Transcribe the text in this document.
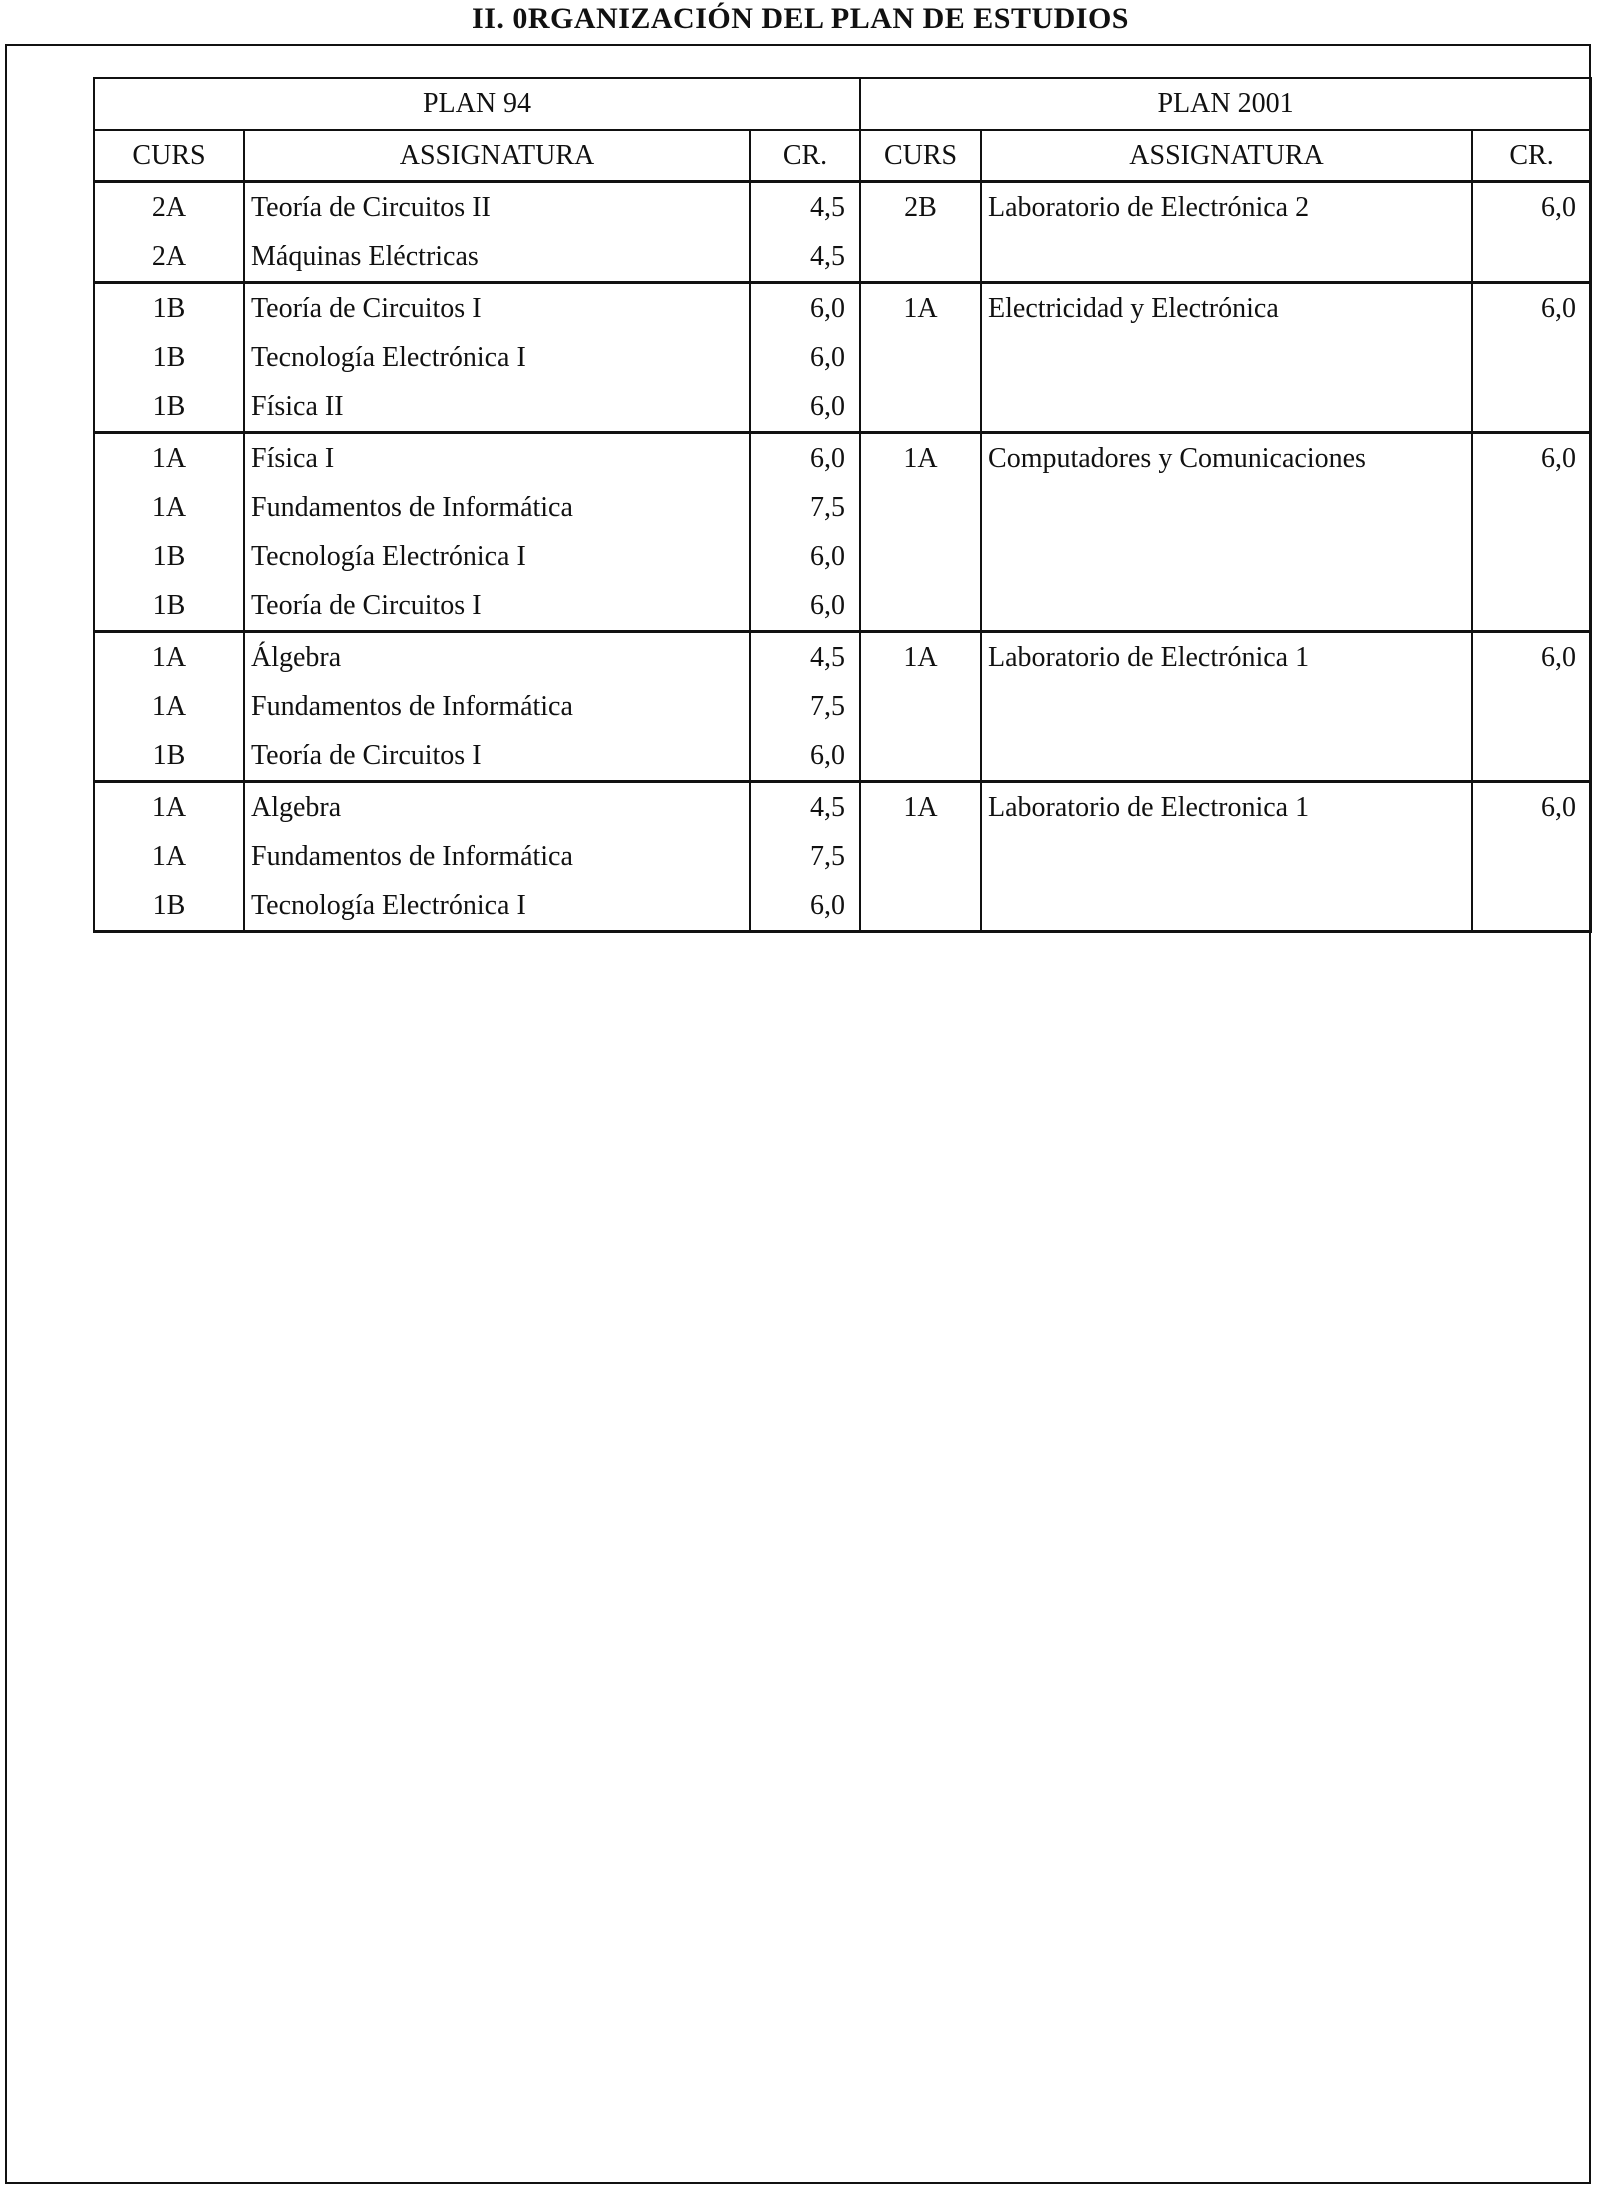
II. 0RGANIZACIÓN DEL PLAN DE ESTUDIOS
PLAN 94			PLAN 2001		
CURS	ASSIGNATURA	CR.	CURS	ASSIGNATURA	CR.
2A	Teoría de Circuitos II	4,5	2B	Laboratorio de Electrónica 2	6,0
2A	Máquinas Eléctricas	4,5			
1B	Teoría de Circuitos I	6,0	1A	Electricidad y Electrónica	6,0
1B	Tecnología Electrónica I	6,0			
1B	Física II	6,0			
1A	Física I	6,0	1A	Computadores y Comunicaciones	6,0
1A	Fundamentos de Informática	7,5			
1B	Tecnología Electrónica I	6,0			
1B	Teoría de Circuitos I	6,0			
1A	Álgebra	4,5	1A	Laboratorio de Electrónica 1	6,0
1A	Fundamentos de Informática	7,5			
1B	Teoría de Circuitos I	6,0			
1A	Algebra	4,5	1A	Laboratorio de Electronica 1	6,0
1A	Fundamentos de Informática	7,5			
1B	Tecnología Electrónica I	6,0			
